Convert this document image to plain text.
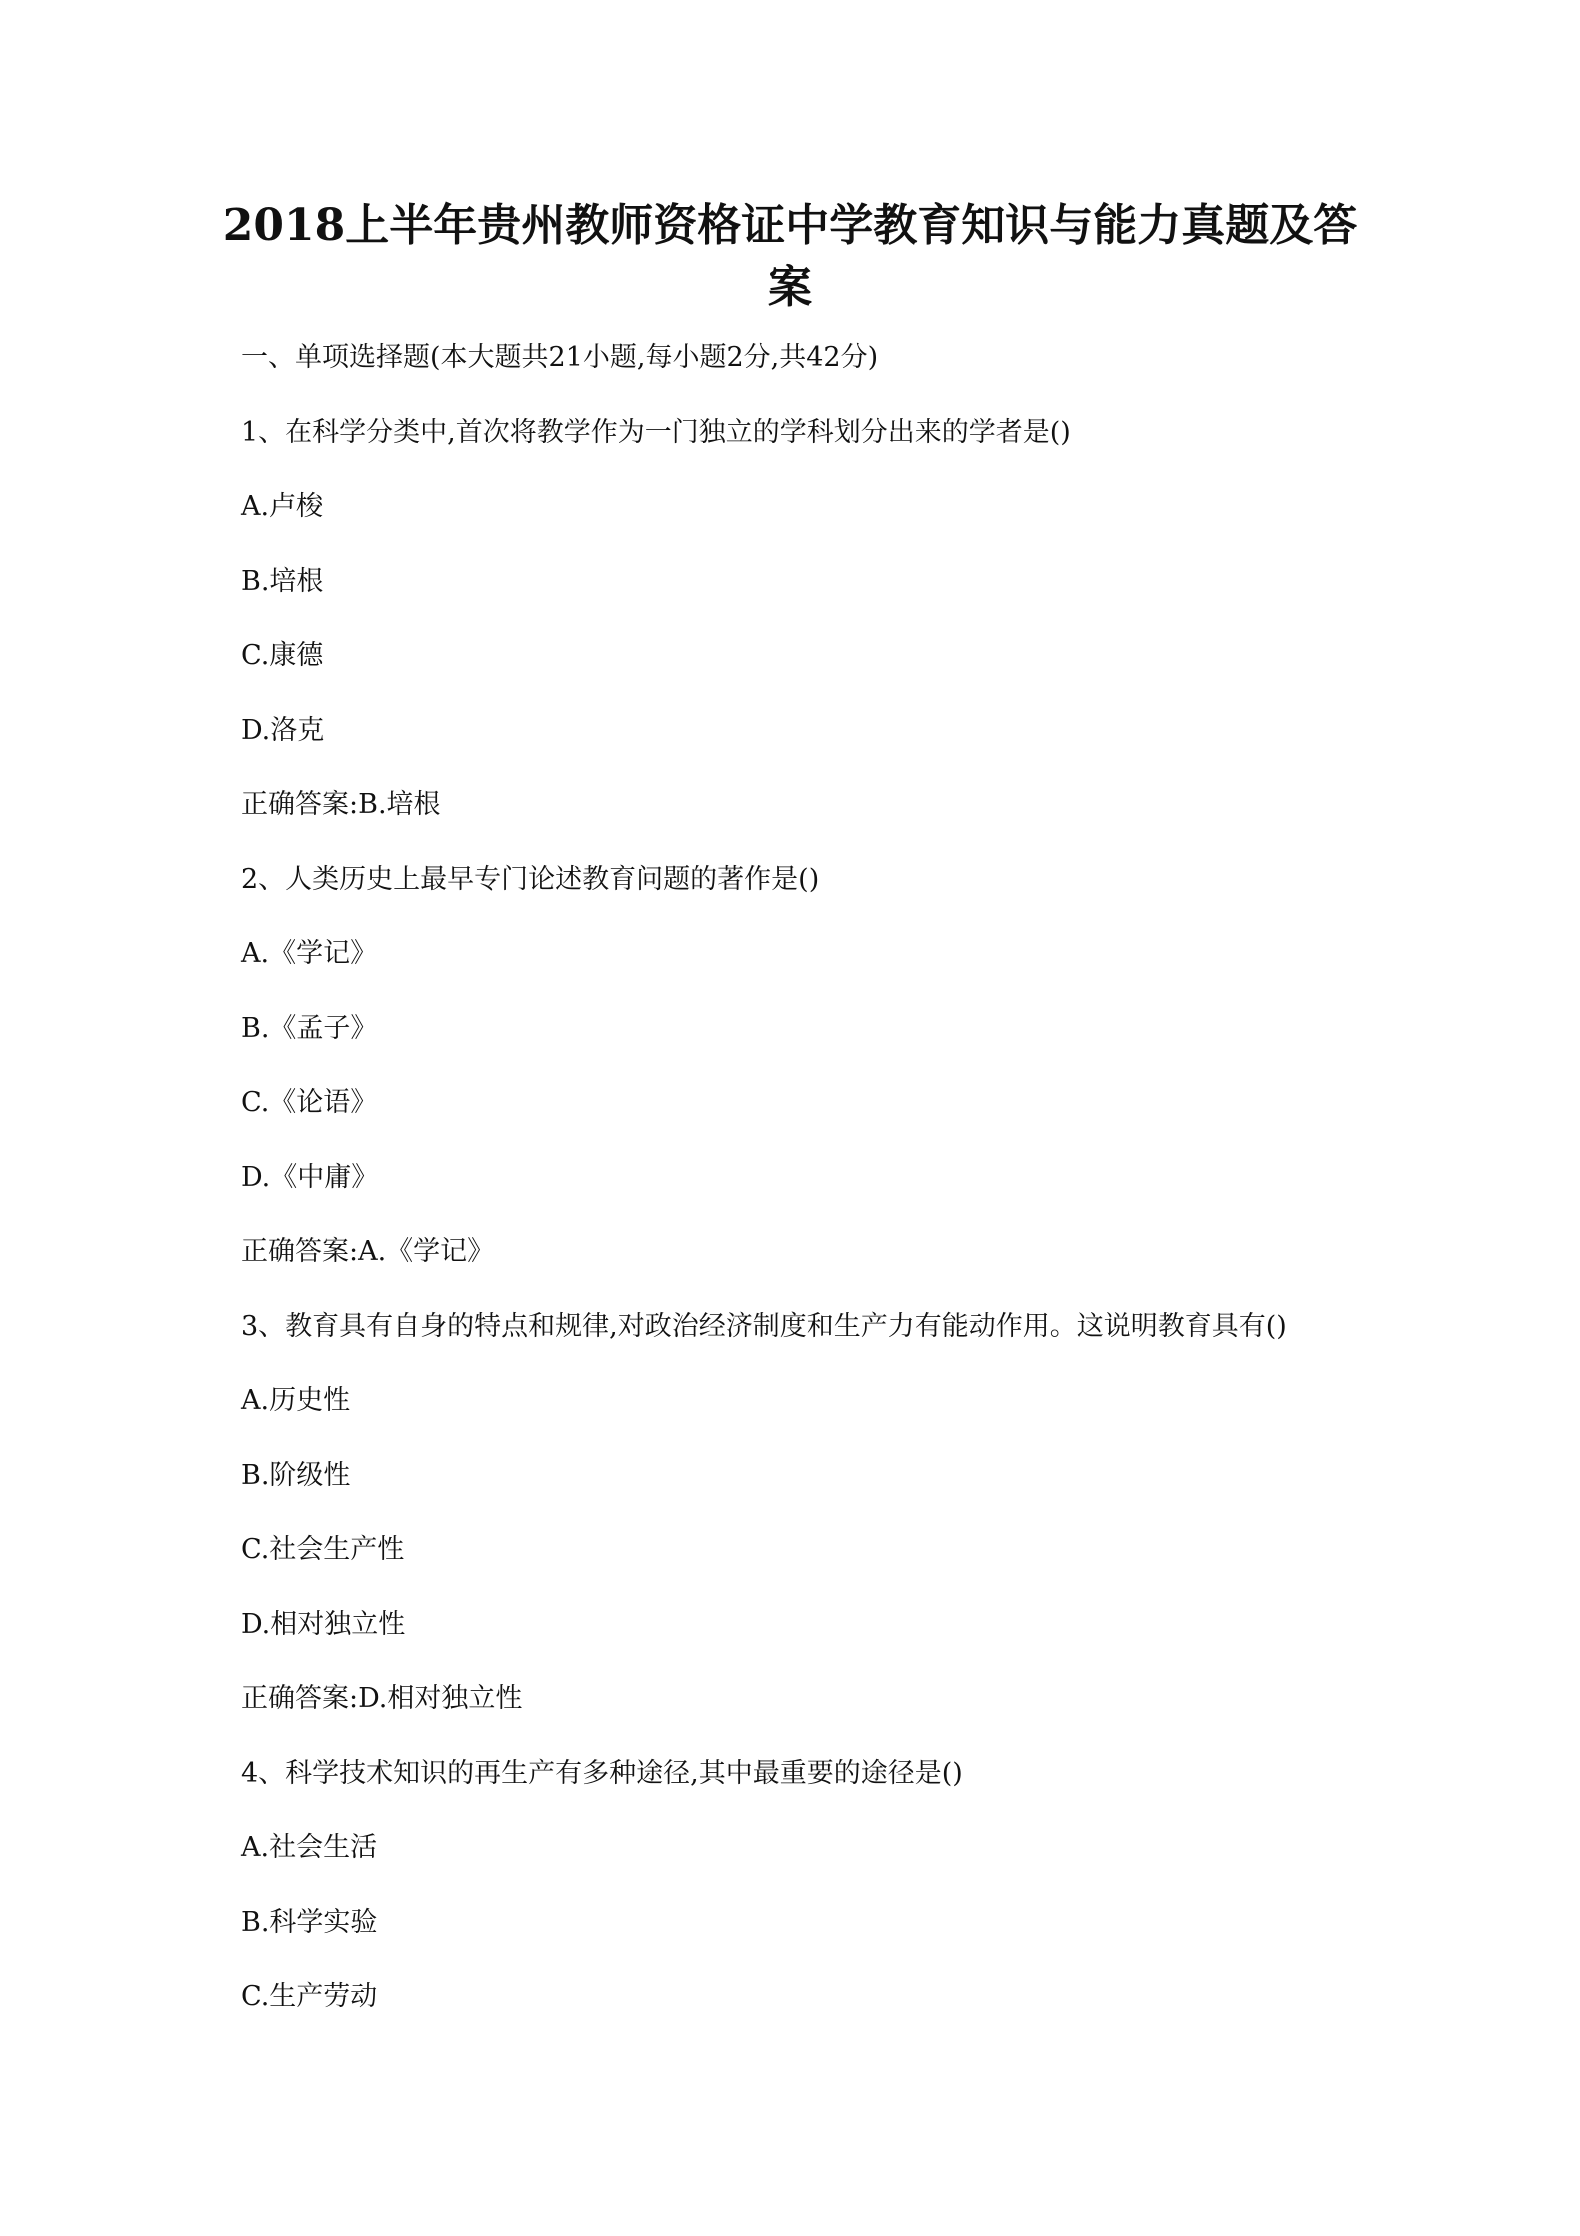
2018上半年贵州教师资格证中学教育知识与能力真题及答
案

一、单项选择题(本大题共21小题,每小题2分,共42分)

1、在科学分类中,首次将教学作为一门独立的学科划分出来的学者是()

A.卢梭

B.培根

C.康德

D.洛克

正确答案:B.培根

2、人类历史上最早专门论述教育问题的著作是()

A.《学记》

B.《孟子》

C.《论语》

D.《中庸》

正确答案:A.《学记》

3、教育具有自身的特点和规律,对政治经济制度和生产力有能动作用。这说明教育具有()

A.历史性

B.阶级性

C.社会生产性

D.相对独立性

正确答案:D.相对独立性

4、科学技术知识的再生产有多种途径,其中最重要的途径是()

A.社会生活

B.科学实验

C.生产劳动
